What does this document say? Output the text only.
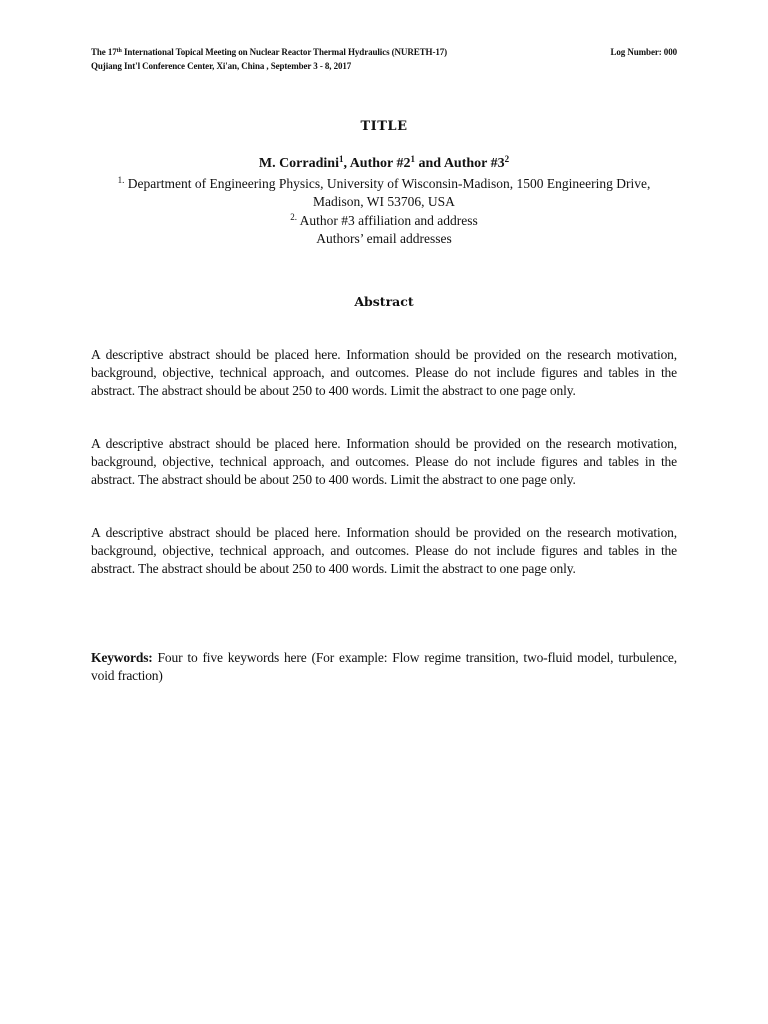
The 17th International Topical Meeting on Nuclear Reactor Thermal Hydraulics (NURETH-17)	Log Number: 000
Qujiang Int'l Conference Center, Xi'an, China , September 3 - 8, 2017
TITLE
M. Corradini$^1$, Author $\#2^1$ and Author $\#3^2$
$^{1.}$ Department of Engineering Physics, University of Wisconsin-Madison, 1500 Engineering Drive, Madison, WI 53706, USA
$^{2.}$ Author #3 affiliation and address
Authors’ email addresses
Abstract
A descriptive abstract should be placed here. Information should be provided on the research motivation, background, objective, technical approach, and outcomes. Please do not include figures and tables in the abstract. The abstract should be about 250 to 400 words. Limit the abstract to one page only.
A descriptive abstract should be placed here. Information should be provided on the research motivation, background, objective, technical approach, and outcomes. Please do not include figures and tables in the abstract. The abstract should be about 250 to 400 words. Limit the abstract to one page only.
A descriptive abstract should be placed here. Information should be provided on the research motivation, background, objective, technical approach, and outcomes. Please do not include figures and tables in the abstract. The abstract should be about 250 to 400 words. Limit the abstract to one page only.
Keywords: Four to five keywords here (For example: Flow regime transition, two-fluid model, turbulence, void fraction)
